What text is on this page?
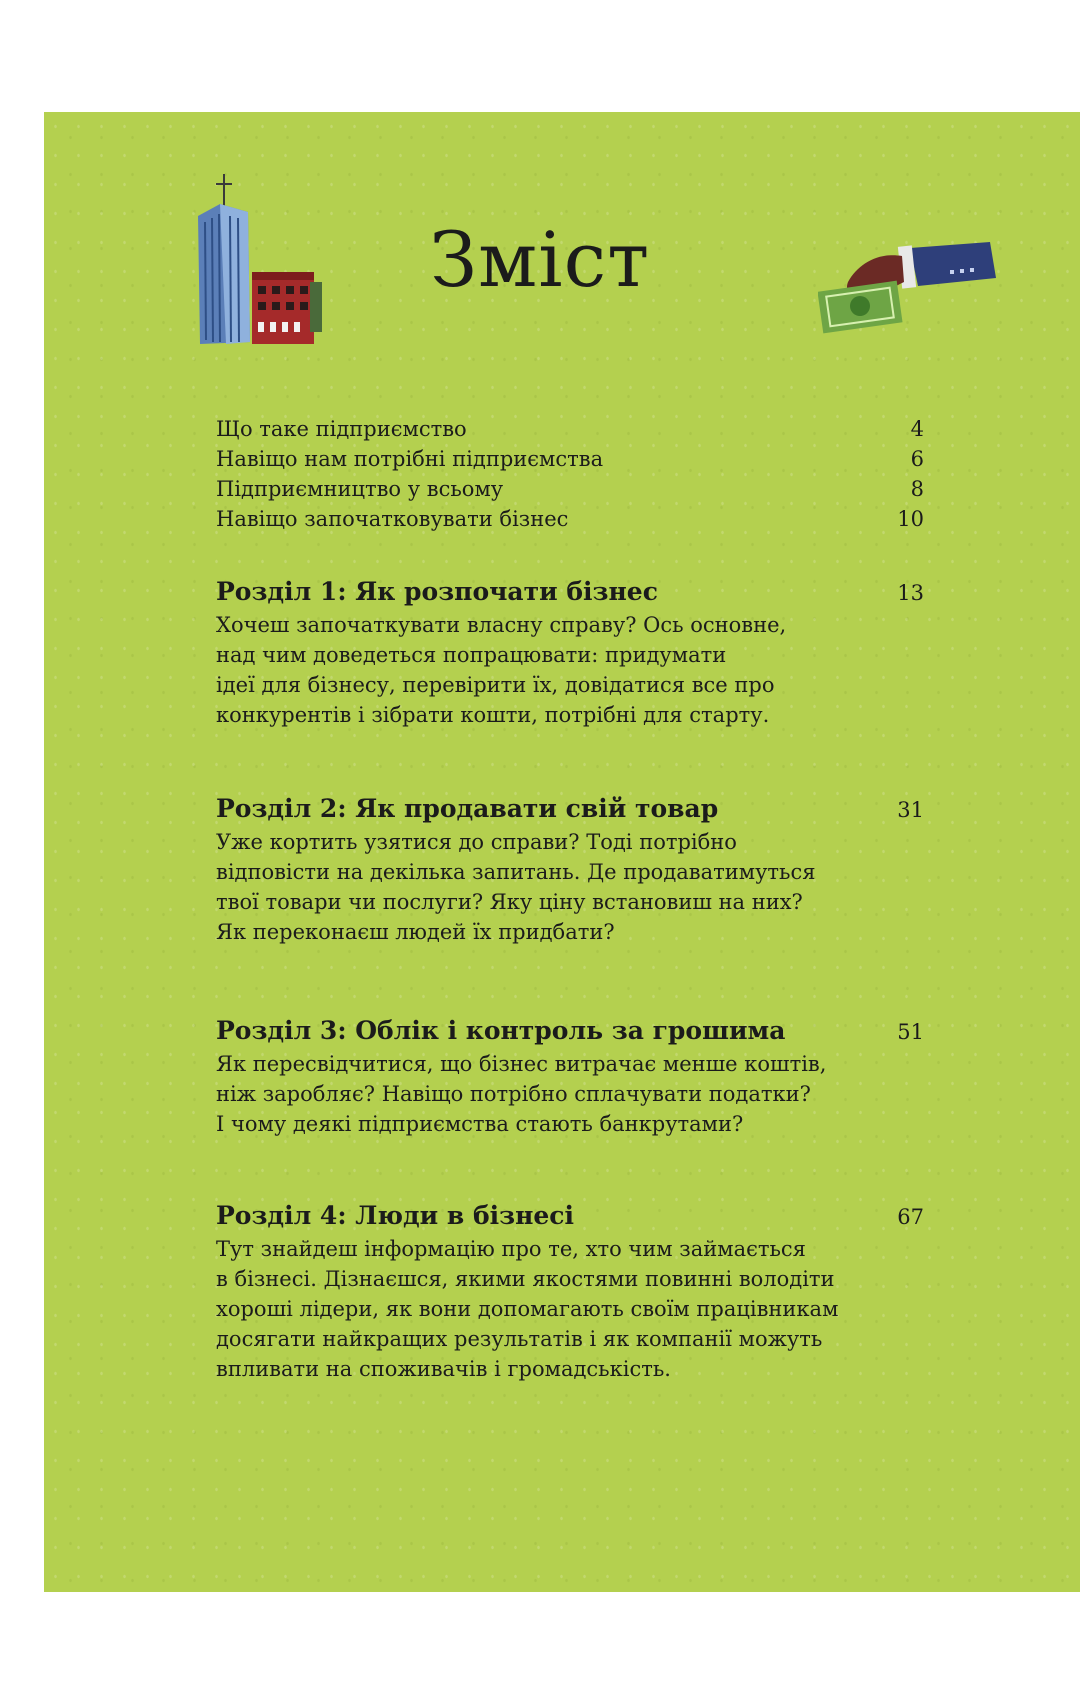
Зміст
Що таке підприємство	4
Навіщо нам потрібні підприємства	6
Підприємництво у всьому	8
Навіщо започатковувати бізнес	10
Розділ 1: Як розпочати бізнес	13

Хочеш започаткувати власну справу? Ось основне,
над чим доведеться попрацювати: придумати
ідеї для бізнесу, перевірити їх, довідатися все про
конкурентів і зібрати кошти, потрібні для старту.

Розділ 2: Як продавати свій товар	31

Уже кортить узятися до справи? Тоді потрібно
відповісти на декілька запитань. Де продаватимуться
твої товари чи послуги? Яку ціну встановиш на них?
Як переконаєш людей їх придбати?

Розділ 3: Облік і контроль за грошима	51

Як пересвідчитися, що бізнес витрачає менше коштів,
ніж заробляє? Навіщо потрібно сплачувати податки?
І чому деякі підприємства стають банкрутами?

Розділ 4: Люди в бізнесі	67

Тут знайдеш інформацію про те, хто чим займається
в бізнесі. Дізнаєшся, якими якостями повинні володіти
хороші лідери, як вони допомагають своїм працівникам
досягати найкращих результатів і як компанії можуть
впливати на споживачів і громадськість.
